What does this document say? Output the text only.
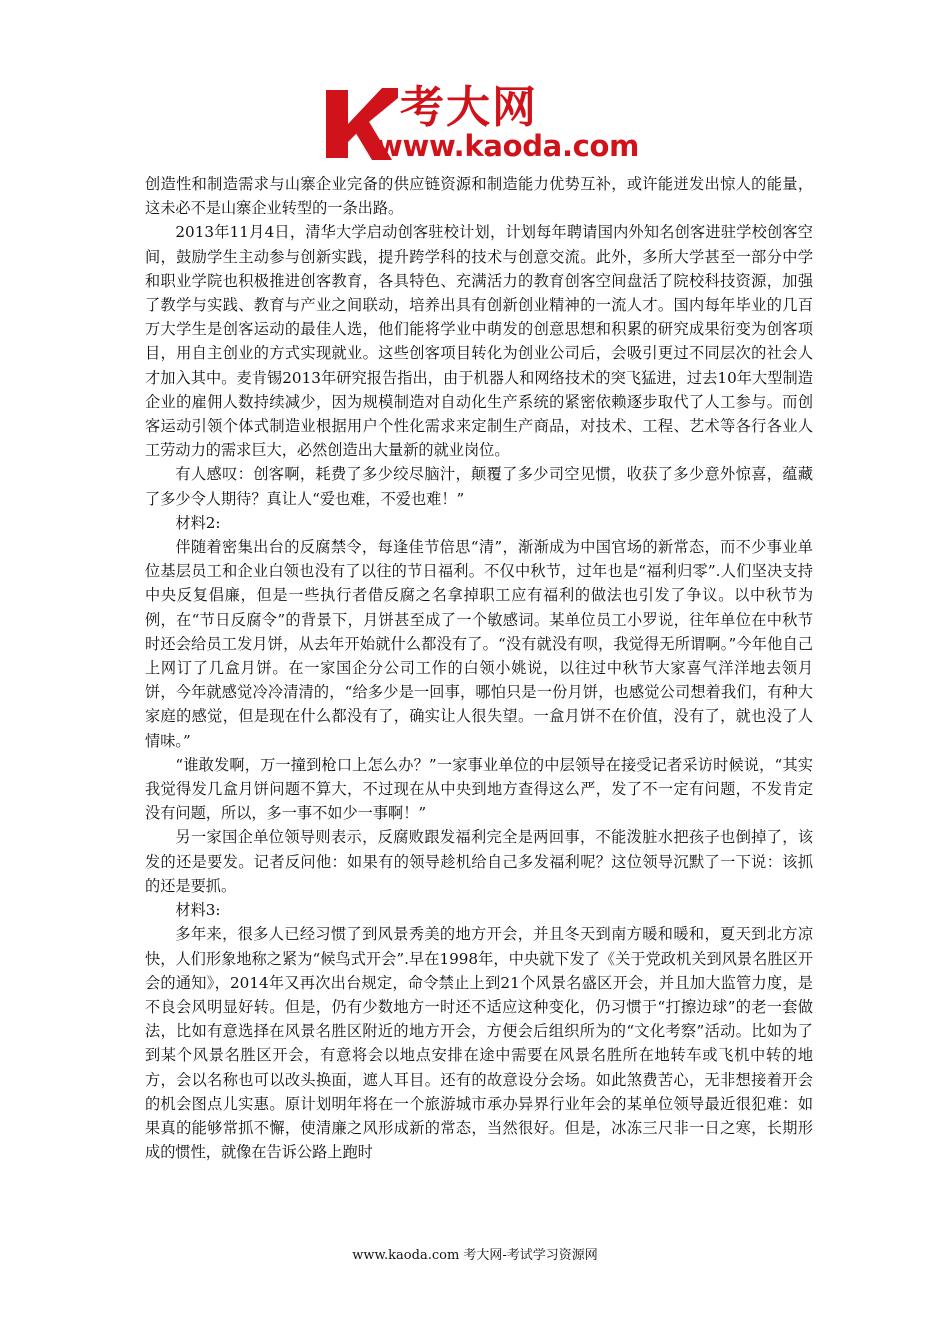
K
考大网
www.kaoda.com

创造性和制造需求与山寨企业完备的供应链资源和制造能力优势互补，或许能迸发出惊人的能量，这未必不是山寨企业转型的一条出路。

2013年11月4日，清华大学启动创客驻校计划，计划每年聘请国内外知名创客进驻学校创客空间，鼓励学生主动参与创新实践，提升跨学科的技术与创意交流。此外，多所大学甚至一部分中学和职业学院也积极推进创客教育，各具特色、充满活力的教育创客空间盘活了院校科技资源，加强了教学与实践、教育与产业之间联动，培养出具有创新创业精神的一流人才。国内每年毕业的几百万大学生是创客运动的最佳人选，他们能将学业中萌发的创意思想和积累的研究成果衍变为创客项目，用自主创业的方式实现就业。这些创客项目转化为创业公司后，会吸引更过不同层次的社会人才加入其中。麦肯锡2013年研究报告指出，由于机器人和网络技术的突飞猛进，过去10年大型制造企业的雇佣人数持续减少，因为规模制造对自动化生产系统的紧密依赖逐步取代了人工参与。而创客运动引领个体式制造业根据用户个性化需求来定制生产商品，对技术、工程、艺术等各行各业人工劳动力的需求巨大，必然创造出大量新的就业岗位。

有人感叹：创客啊，耗费了多少绞尽脑汁，颠覆了多少司空见惯，收获了多少意外惊喜，蕴藏了多少令人期待？真让人“爱也难，不爱也难！”

材料2:

伴随着密集出台的反腐禁令，每逢佳节倍思“清”，渐渐成为中国官场的新常态，而不少事业单位基层员工和企业白领也没有了以往的节日福利。不仅中秋节，过年也是“福利归零”.人们坚决支持中央反复倡廉，但是一些执行者借反腐之名拿掉职工应有福利的做法也引发了争议。以中秋节为例，在“节日反腐令”的背景下，月饼甚至成了一个敏感词。某单位员工小罗说，往年单位在中秋节时还会给员工发月饼，从去年开始就什么都没有了。“没有就没有呗，我觉得无所谓啊。”今年他自己上网订了几盒月饼。在一家国企分公司工作的白领小姚说，以往过中秋节大家喜气洋洋地去领月饼，今年就感觉冷冷清清的，“给多少是一回事，哪怕只是一份月饼，也感觉公司想着我们，有种大家庭的感觉，但是现在什么都没有了，确实让人很失望。一盒月饼不在价值，没有了，就也没了人情味。”

“谁敢发啊，万一撞到枪口上怎么办？”一家事业单位的中层领导在接受记者采访时候说，“其实我觉得发几盒月饼问题不算大，不过现在从中央到地方查得这么严，发了不一定有问题，不发肯定没有问题，所以，多一事不如少一事啊！”

另一家国企单位领导则表示，反腐败跟发福利完全是两回事，不能泼脏水把孩子也倒掉了，该发的还是要发。记者反问他：如果有的领导趁机给自己多发福利呢？这位领导沉默了一下说：该抓的还是要抓。

材料3:

多年来，很多人已经习惯了到风景秀美的地方开会，并且冬天到南方暖和暖和，夏天到北方凉快，人们形象地称之紧为“候鸟式开会”.早在1998年，中央就下发了《关于党政机关到风景名胜区开会的通知》，2014年又再次出台规定，命令禁止上到21个风景名盛区开会，并且加大监管力度，是不良会风明显好转。但是，仍有少数地方一时还不适应这种变化，仍习惯于“打擦边球”的老一套做法，比如有意选择在风景名胜区附近的地方开会，方便会后组织所为的“文化考察”活动。比如为了到某个风景名胜区开会，有意将会以地点安排在途中需要在风景名胜所在地转车或飞机中转的地方，会以名称也可以改头换面，遮人耳目。还有的故意设分会场。如此煞费苦心，无非想接着开会的机会图点儿实惠。原计划明年将在一个旅游城市承办异界行业年会的某单位领导最近很犯难：如果真的能够常抓不懈，使清廉之风形成新的常态，当然很好。但是，冰冻三尺非一日之寒，长期形成的惯性，就像在告诉公路上跑时

www.kaoda.com 考大网-考试学习资源网
